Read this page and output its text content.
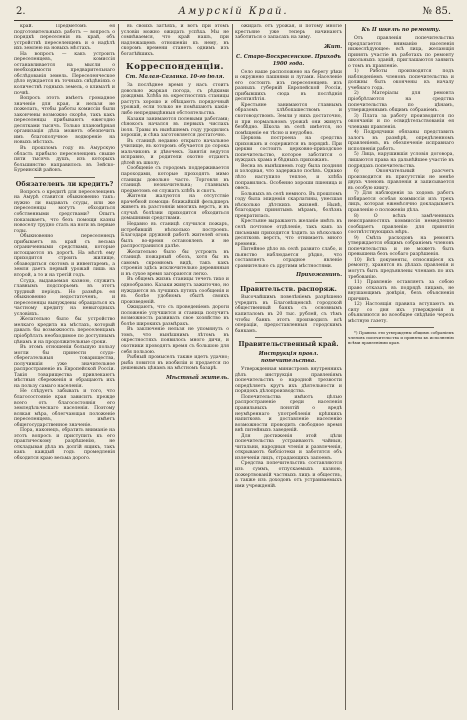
2.	Амурскій Край.	№ 85.

край. Предметомъ ея подготовительныхъ работъ — вопросъ о порядкѣ переселенія въ край, объ устройствѣ переселенцевъ и о надѣлѣ ихъ землею на новыхъ мѣстахъ.

На вопросъ — какъ устроить переселенцевъ, комиссія останавливается на мысли о необходимости предварительнаго обслѣдованія земель. Переселенческое дѣло нуждается въ точныхъ свѣдѣніяхъ о количествѣ годныхъ земель, о климатѣ и почвѣ.

Вопросъ этотъ имѣетъ громадное значеніе для края, и нельзя не пожелать, чтобы работы комиссіи были закончены возможно скорѣе, такъ какъ переселенцы прибываютъ ежегодно десятками тысячъ. Только планомѣрная организація дѣла можетъ обезпечить имъ благополучное водвореніе на новыхъ мѣстахъ.

Въ прошломъ году въ Амурскую область прибыло переселенцевъ свыше пяти тысячъ душъ, изъ которыхъ большинство направилось въ Зейско-Буреинскій районъ.

Обязателенъ ли кредитъ?

Вопросъ о кредитѣ для переселенцевъ на Амурѣ ставится обыкновенно такъ: нужно ли выдавать ссуды, или же переселенцы могутъ обходиться собственными средствами? Опытъ показываетъ, что безъ помощи казны новоселу трудно стать на ноги въ первые годы.

Обыкновенно переселенецъ прибываетъ въ край съ весьма ограниченными средствами, которые истощаются въ дорогѣ. На мѣстѣ ему приходится строить жилище, обзаводиться скотомъ и инвентаремъ, а земля даетъ первый урожай лишь на второй, а то и на третій годъ.

Ссуда, выдаваемая казною, служитъ главнымъ подспорьемъ въ этотъ трудный періодъ. Но размѣръ ея обыкновенно недостаточенъ, и переселенцы вынуждены обращаться къ частному кредиту на невыгодныхъ условіяхъ.

Желательно было бы устройство мелкаго кредита на мѣстахъ, который давалъ бы возможность переселенцамъ пріобрѣтать необходимое по доступнымъ цѣнамъ и на продолжительные сроки.

Въ этомъ отношеніи большую пользу могли бы принести ссудо-сберегательныя товарищества, получившія уже значительное распространеніе въ Европейской Россіи. Такія товарищества привлекаютъ мѣстныя сбереженія и обращаютъ ихъ на пользу самаго населенія.

Не слѣдуетъ забывать и того, что благосостояніе края зависитъ прежде всего отъ благосостоянія его земледѣльческаго населенія. Поэтому всякая мѣра, облегчающая положеніе переселенцевъ, имѣетъ общегосударственное значеніе.

Пора, наконецъ, обратить вниманіе на этотъ вопросъ и приступить къ его практическому разрѣшенію, не откладывая дѣла въ долгій ящикъ, такъ какъ каждый годъ промедленія обходится краю весьма дорого.

въ своихъ затѣяхъ, и вотъ при этомъ условіи можно ожидать успѣха. Мы не сомнѣваемся, что край нашъ, при надлежащемъ отношеніи къ нему, въ скоромъ времени станетъ однимъ изъ богатѣйшихъ.

Корреспонденціи.
Ст. Малая-Сазанка. 10-го іюля.

За послѣднее время у насъ стоитъ довольно жаркая погода, съ рѣдкими дождями. Хлѣба въ окрестностяхъ станицы растутъ хорошо и обѣщаютъ порядочный урожай, если только не помѣшаютъ какія-либо непредвидѣнныя обстоятельства.

Казаки занимаются полевыми работами; сѣнокосъ начался въ первыхъ числахъ іюля. Травы въ нынѣшнемъ году уродились хорошія, и сѣна заготовляется достаточно.

Въ станицѣ недавно открыто начальное училище, въ которомъ обучается до сорока мальчиковъ и дѣвочекъ. Занятія ведутся исправно, и родители охотно отдаютъ дѣтей въ школу.

Сообщеніе съ городомъ поддерживается пароходами, которые проходятъ мимо станицы довольно часто. Торговля въ станицѣ незначительна; главнымъ предметомъ ея служатъ хлѣбъ и скотъ.

Жители жалуются на отсутствіе врачебной помощи: ближайшій фельдшеръ живетъ въ разстояніи многихъ верстъ, и въ случаѣ болѣзни приходится обходиться домашними средствами.

Недавно въ станицѣ случился пожаръ, истребившій нѣсколько построекъ. Благодаря дружной работѣ жителей огонь былъ во-время остановленъ и не распространился далѣе.

Желательно было бы устроить въ станицѣ пожарный обозъ, хотя бы въ самомъ скромномъ видѣ, такъ какъ строенія здѣсь исключительно деревянныя и въ сухое время загораются легко.

Въ общемъ жизнь станицы течетъ тихо и однообразно. Казаки живутъ зажиточно, но нуждаются въ лучшихъ путяхъ сообщенія и въ болѣе удобномъ сбытѣ своихъ произведеній.

Ожидаютъ, что съ проведеніемъ дороги положеніе улучшится и станица получитъ возможность развивать свое хозяйство въ болѣе широкихъ размѣрахъ.

Въ заключеніе нельзя не упомянуть о томъ, что нынѣшнимъ лѣтомъ въ окрестностяхъ появилось много дичи, и охотники проводятъ время съ большою для себя пользою.

Рыбный промыселъ также идетъ удачно; рыба ловится въ изобиліи и продается по дешевымъ цѣнамъ на мѣстномъ базарѣ.

Мѣстный житель.

ожидать отъ урожая, и потому многіе крестьяне уже теперь начинаютъ заботиться о запасахъ на зиму.

Жит.
С. Старо-Воскресенское. Приходъ 1900 года.

Село наше расположено на берегу рѣки и окружено пашнями и лугами. Населеніе его состоитъ изъ переселенцевъ изъ разныхъ губерній Европейской Россіи, прибывшихъ сюда въ послѣднія десятилѣтія.

Крестьяне занимаются главнымъ образомъ хлѣбопашествомъ и скотоводствомъ. Земли у нихъ достаточно, и при нормальномъ урожаѣ они живутъ безбѣдно. Школа въ селѣ имѣется, но помѣщеніе ея тѣсно и неудобно.

Церковь построена на средства прихожанъ и содержится въ порядкѣ. При церкви состоитъ церковно-приходское попечительство, которое заботится о нуждахъ храма и бѣдныхъ прихожанъ.

Весна въ нынѣшнемъ году была поздняя и холодная, что задержало посѣвъ. Однако лѣто наступило теплое, и хлѣба поправились. Особенно хороши пшеница и овесъ.

Больныхъ въ селѣ немного. Въ прошломъ году была эпидемія скарлатины, унесшая нѣсколько дѣтскихъ жизней. Нынѣ, благодаря принятымъ мѣрамъ, болѣзнь прекратилась.

Крестьяне выражаютъ желаніе имѣть въ селѣ почтовое отдѣленіе, такъ какъ за письмами приходится ѣздить за нѣсколько десятковъ верстъ, что отнимаетъ много времени.

Питейное дѣло въ селѣ развито слабо, и пьянство наблюдается рѣдко, что составляетъ отрадное явленіе сравнительно съ другими мѣстностями.

Прихожанинъ.
Правительств. распоряж.

Высочайшимъ повелѣніемъ разрѣшено учредить въ Благовѣщенскѣ городской общественный банкъ съ основнымъ капиталомъ въ 20 тыс. рублей, съ тѣмъ чтобы банкъ этотъ производилъ всѣ операціи, предоставленныя городскимъ банкамъ.

Правительственный край.
Инструкція правл. попечительства.

Утвержденная министромъ внутреннихъ дѣлъ инструкція правленіямъ попечительствъ о народной трезвости опредѣляетъ кругъ ихъ дѣятельности и порядокъ дѣлопроизводства.

Попечительства имѣютъ цѣлью распространеніе среди населенія правильныхъ понятій о вредѣ неумѣреннаго употребленія крѣпкихъ напитковъ и доставленіе населенію возможности проводить свободное время внѣ питейныхъ заведеній.

Для достиженія этой цѣли попечительства устраиваютъ чайныя, читальни, народныя чтенія и развлеченія, открываютъ библіотеки и заботятся объ излеченіи лицъ, страдающихъ запоемъ.

Средства попечительствъ составляются изъ суммъ, отпускаемыхъ казною, пожертвованій частныхъ лицъ и обществъ, а также изъ доходовъ отъ устраиваемыхъ ими учрежденій.

Къ II шкелѣ по ремонту.

Отъ правленія попечительства предлагается вниманію населенія нижеслѣдующее: всѣ лица, желающія принять участіе въ работахъ по ремонту школьныхъ зданій, приглашаются заявить о томъ въ правленіе.

1) Работы производятся подъ наблюденіемъ членовъ попечительства и должны быть окончены къ началу учебнаго года.

2) Матеріалы для ремонта пріобрѣтаются на средства попечительства по цѣнамъ, утвержденнымъ общимъ собраніемъ.

3) Плата за работу производится по окончаніи и по освидѣтельствованіи ея членами правленія.

4) Подрядчики обязаны представить залогъ въ размѣрѣ, опредѣленномъ правленіемъ, въ обезпеченіе исправнаго исполненія работъ.

5) Лица, нарушившія условія договора, лишаются права на дальнѣйшее участіе въ подрядахъ попечительства.

6) Окончательный разсчетъ производится въ присутствіи не менѣе двухъ членовъ правленія и записывается въ особую книгу.

7) Для наблюденія за ходомъ работъ избирается особая коммиссія изъ трехъ лицъ, которая ежемѣсячно докладываетъ правленію о положеніи дѣла.

8) О всѣхъ замѣченныхъ неисправностяхъ коммиссія немедленно сообщаетъ правленію для принятія соотвѣтствующихъ мѣръ.

9) Смѣта расходовъ на ремонтъ утверждается общимъ собраніемъ членовъ попечительства и не можетъ быть превышена безъ особаго разрѣшенія.

10) Всѣ документы, относящіеся къ ремонту, хранятся въ дѣлахъ правленія и могутъ быть предъявлены членамъ по ихъ требованію.

11) Правленіе оставляетъ за собою право отказать въ подрядѣ лицамъ, не внушающимъ довѣрія, безъ объясненія причинъ.

12) Настоящія правила вступаютъ въ силу со дня ихъ утвержденія и объявляются во всеобщее свѣдѣніе черезъ мѣстную газету.

*) Правила эти утверждены общимъ собраніемъ членовъ попечительства и приняты къ исполненію всѣми правленіями края.
